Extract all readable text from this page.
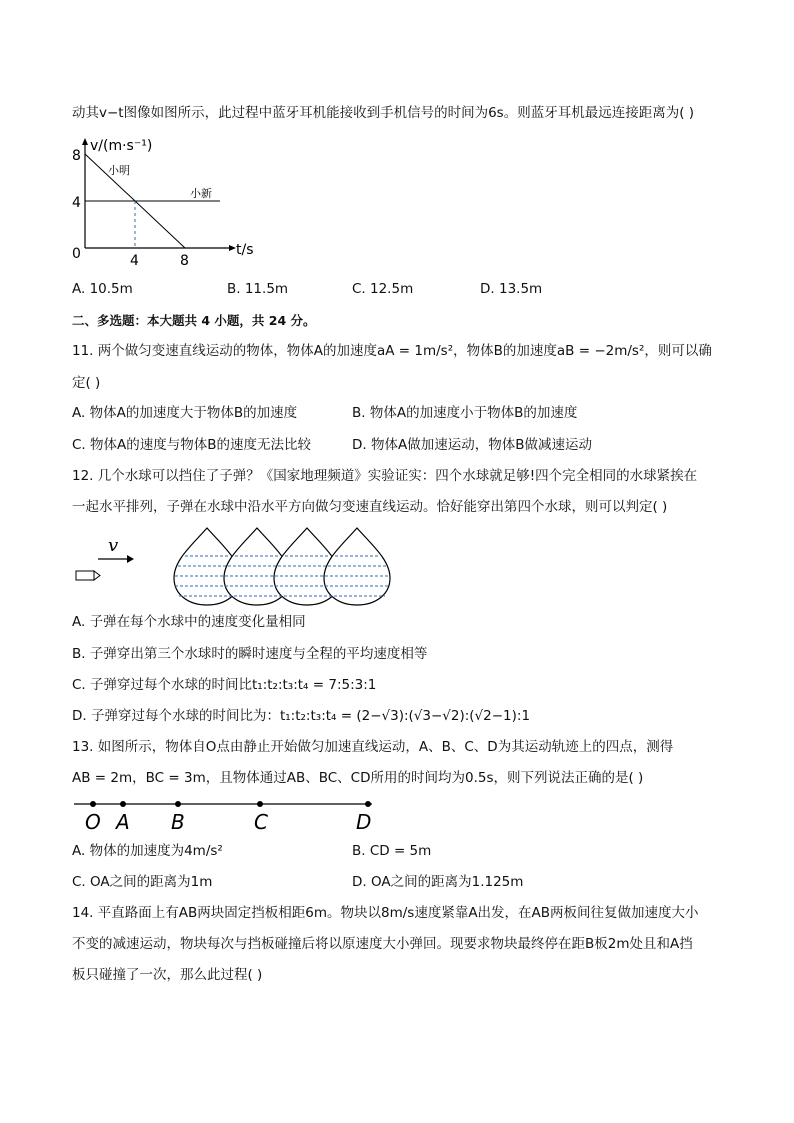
动其v−t图像如图所示，此过程中蓝牙耳机能接收到手机信号的时间为6s。则蓝牙耳机最远连接距离为( )
v/(m·s⁻¹)
小明
小新
8
4
0	4	8
t/s
A. 10.5m	B. 11.5m	C. 12.5m	D. 13.5m
二、多选题：本大题共 4 小题，共 24 分。
11. 两个做匀变速直线运动的物体，物体A的加速度aA = 1m/s²，物体B的加速度aB = −2m/s²，则可以确
定( )
A. 物体A的加速度大于物体B的加速度	B. 物体A的加速度小于物体B的加速度
C. 物体A的速度与物体B的速度无法比较	D. 物体A做加速运动，物体B做减速运动
12. 几个水球可以挡住了子弹？《国家地理频道》实验证实：四个水球就足够!四个完全相同的水球紧挨在
一起水平排列，子弹在水球中沿水平方向做匀变速直线运动。恰好能穿出第四个水球，则可以判定( )
v
A. 子弹在每个水球中的速度变化量相同
B. 子弹穿出第三个水球时的瞬时速度与全程的平均速度相等
C. 子弹穿过每个水球的时间比t₁:t₂:t₃:t₄ = 7:5:3:1
D. 子弹穿过每个水球的时间比为：t₁:t₂:t₃:t₄ = (2−√3):(√3−√2):(√2−1):1
13. 如图所示，物体自O点由静止开始做匀加速直线运动，A、B、C、D为其运动轨迹上的四点，测得
AB = 2m，BC = 3m，且物体通过AB、BC、CD所用的时间均为0.5s，则下列说法正确的是( )
O A B	C	D
A. 物体的加速度为4m/s²	B. CD = 5m
C. OA之间的距离为1m	D. OA之间的距离为1.125m
14. 平直路面上有AB两块固定挡板相距6m。物块以8m/s速度紧靠A出发，在AB两板间往复做加速度大小
不变的减速运动，物块每次与挡板碰撞后将以原速度大小弹回。现要求物块最终停在距B板2m处且和A挡
板只碰撞了一次，那么此过程( )
